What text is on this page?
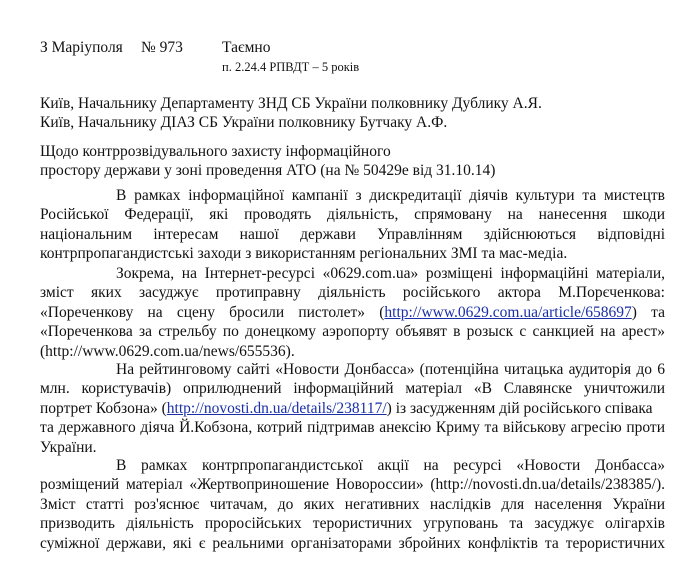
З Маріуполя № 973	Таємно
п. 2.24.4 РПВДТ – 5 років
Київ, Начальнику Департаменту ЗНД СБ України полковнику Дублику А.Я.
Київ, Начальнику ДІАЗ СБ України полковнику Бутчаку А.Ф.
Щодо контррозвідувального захисту інформаційного
простору держави у зоні проведення АТО (на № 50429е від 31.10.14)
В рамках інформаційної кампанії з дискредитації діячів культури та мистецтв
Російської Федерації, які проводять діяльність, спрямовану на нанесення шкоди
національним інтересам нашої держави Управлінням здійснюються відповідні
контрпропагандистські заходи з використанням регіональних ЗМІ та мас-медіа.
Зокрема, на Інтернет-ресурсі «0629.com.ua» розміщені інформаційні матеріали,
зміст яких засуджує протиправну діяльність російського актора М.Порєченкова:
«Порeченкову на сцену бросили пистолет» (http://www.0629.com.ua/article/658697) та
«Порeченкова за стрельбу по донецкому аэропорту объявят в розыск с санкцией на арест»
(http://www.0629.com.ua/news/655536).
На рейтинговому сайті «Новости Донбасса» (потенційна читацька аудиторія до 6
млн. користувачів) оприлюднений інформаційний матеріал «В Славянске уничтожили
портрет Кобзона» (http://novosti.dn.ua/details/238117/) із засудженням дій російського співака
та державного діяча Й.Кобзона, котрий підтримав анексію Криму та військову агресію проти
України.
В рамках контрпропагандистської акції на ресурсі «Новости Донбасса»
розміщений матеріал «Жертвоприношение Новороссии» (http://novosti.dn.ua/details/238385/).
Зміст статті роз'яснює читачам, до яких негативних наслідків для населення України
призводить діяльність проросійських терористичних угруповань та засуджує олігархів
суміжної держави, які є реальними організаторами збройних конфліктів та терористичних
